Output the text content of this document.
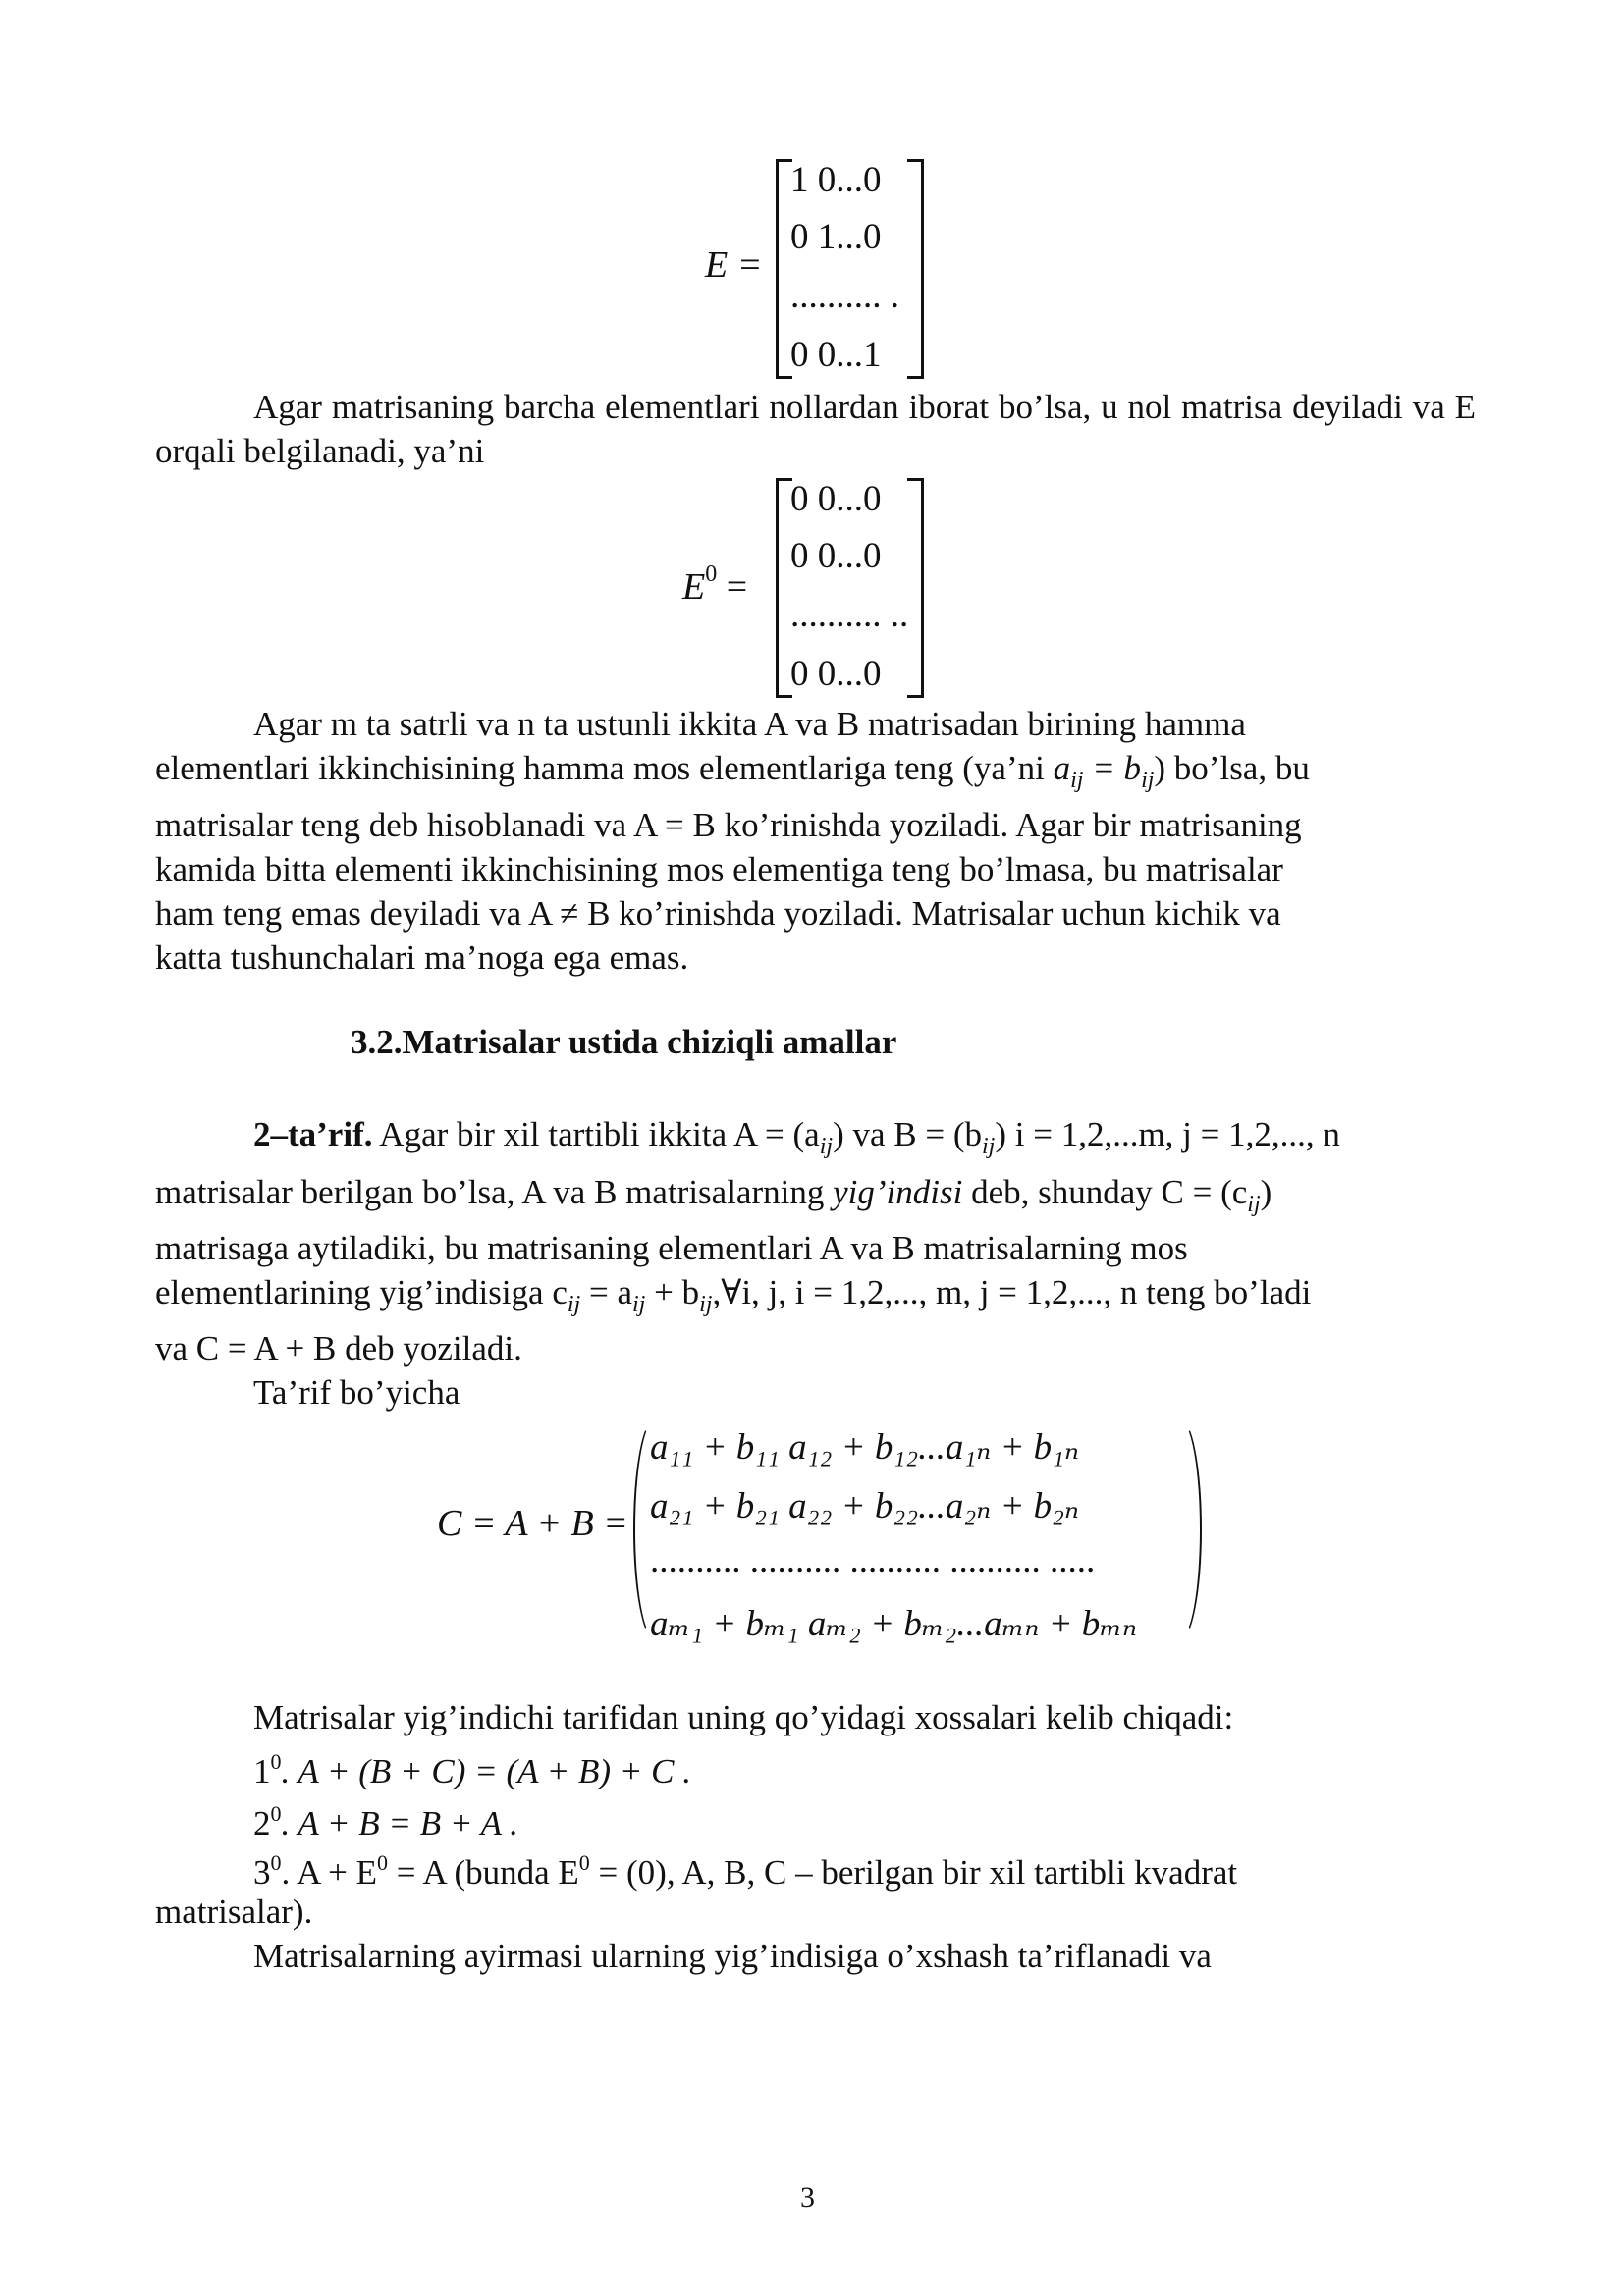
E =
1 0...0
0 1...0
.......... .
0 0...1
Agar matrisaning barcha elementlari nollardan iborat bo’lsa, u nol matrisa deyiladi va E orqali belgilanadi, ya’ni
$E^0$ =
0 0...0
0 0...0
.......... ..
0 0...0
Agar m ta satrli va n ta ustunli ikkita A va B matrisadan birining hamma
elementlari ikkinchisining hamma mos elementlariga teng (ya’ni $a_{ij} = b_{ij}$) bo’lsa, bu
matrisalar teng deb hisoblanadi va A = B ko’rinishda yoziladi. Agar bir matrisaning
kamida bitta elementi ikkinchisining mos elementiga teng bo’lmasa, bu matrisalar
ham teng emas deyiladi va A ≠ B ko’rinishda yoziladi. Matrisalar uchun kichik va
katta tushunchalari ma’noga ega emas.
3.2.Matrisalar ustida chiziqli amallar
2–ta’rif. Agar bir xil tartibli ikkita $A = (a_{ij})$ va $B = (b_{ij}) i = 1,2,...m$, j = 1,2,..., n
matrisalar berilgan bo’lsa, A va B matrisalarning yig’indisi deb, shunday $C = (c_{ij})$
matrisaga aytiladiki, bu matrisaning elementlari A va B matrisalarning mos
elementlarining yig’indisiga $c_{ij} = a_{ij}$ + $b_{ij},\forall i$, j, i = 1,2,..., m, j = 1,2,..., n teng bo’ladi
va C = A + B deb yoziladi.
Ta’rif bo’yicha
C = A + B =
a₁₁ + b₁₁ a₁₂ + b₁₂...a₁ₙ + b₁ₙ
a₂₁ + b₂₁ a₂₂ + b₂₂...a₂ₙ + b₂ₙ
.......... .......... .......... .......... .....
aₘ₁ + bₘ₁ aₘ₂ + bₘ₂...aₘₙ + bₘₙ
Matrisalar yig’indichi tarifidan uning qo’yidagi xossalari kelib chiqadi:
$1^0$. A + (B + C) = (A + B) + C .
$2^0$. A + B = B + A .
$3^0$. $A + E^0 = A$ (bunda $E^0 = (0)$, A, B, C – berilgan bir xil tartibli kvadrat
matrisalar).
Matrisalarning ayirmasi ularning yig’indisiga o’xshash ta’riflanadi va
3
